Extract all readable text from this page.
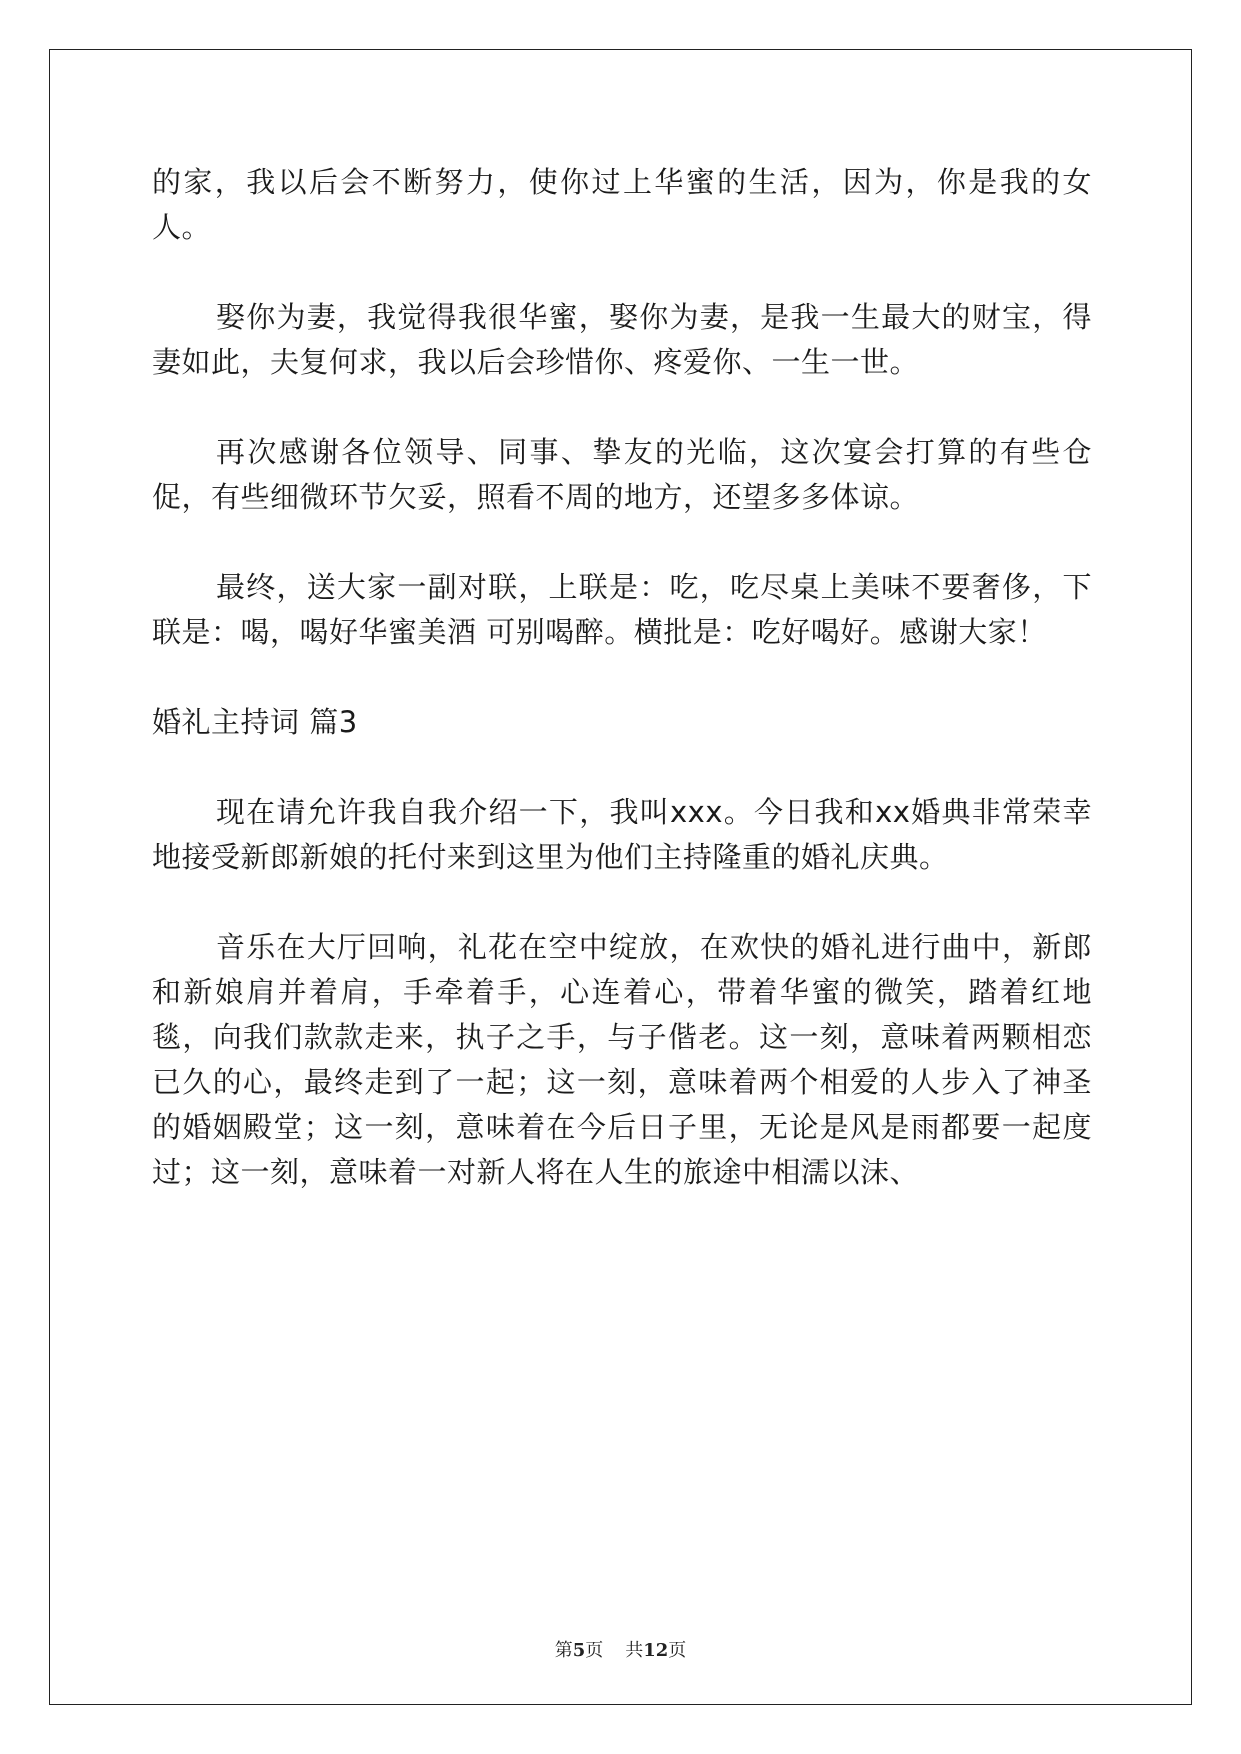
的家，我以后会不断努力，使你过上华蜜的生活，因为，你是我的女人。

娶你为妻，我觉得我很华蜜，娶你为妻，是我一生最大的财宝，得妻如此，夫复何求，我以后会珍惜你、疼爱你、一生一世。

再次感谢各位领导、同事、挚友的光临，这次宴会打算的有些仓促，有些细微环节欠妥，照看不周的地方，还望多多体谅。

最终，送大家一副对联，上联是：吃，吃尽桌上美味不要奢侈，下联是：喝，喝好华蜜美酒 可别喝醉。横批是：吃好喝好。感谢大家！

婚礼主持词 篇3

现在请允许我自我介绍一下，我叫xxx。今日我和xx婚典非常荣幸地接受新郎新娘的托付来到这里为他们主持隆重的婚礼庆典。

音乐在大厅回响，礼花在空中绽放，在欢快的婚礼进行曲中，新郎和新娘肩并着肩，手牵着手，心连着心，带着华蜜的微笑，踏着红地毯，向我们款款走来，执子之手，与子偕老。这一刻，意味着两颗相恋已久的心，最终走到了一起；这一刻，意味着两个相爱的人步入了神圣的婚姻殿堂；这一刻，意味着在今后日子里，无论是风是雨都要一起度过；这一刻，意味着一对新人将在人生的旅途中相濡以沫、

第5页 共12页
